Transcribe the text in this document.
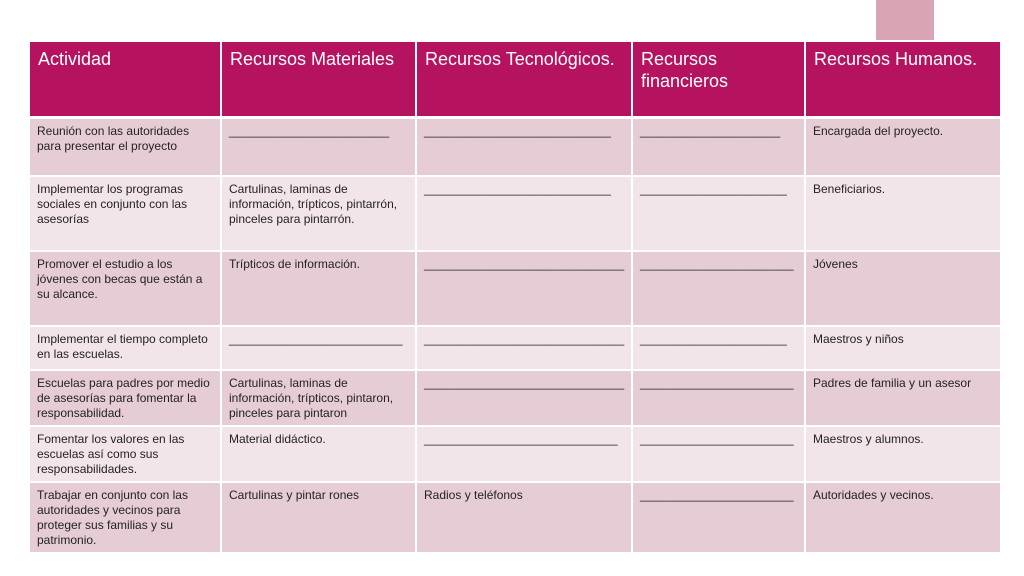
Actividad	Recursos Materiales	Recursos Tecnológicos.	Recursos financieros	Recursos Humanos.
Reunión con las autoridades para presentar el proyecto	________________________	____________________________	_____________________	Encargada del proyecto.
Implementar los programas sociales en conjunto con las asesorías	Cartulinas, laminas de información, trípticos, pintarrón, pinceles para pintarrón.	____________________________	______________________	Beneficiarios.
Promover el estudio a los jóvenes con becas que están a su alcance.	Trípticos de información.	______________________________	_______________________	Jóvenes
Implementar el tiempo completo en las escuelas.	__________________________	______________________________	______________________	Maestros y niños
Escuelas para padres por medio de asesorías para fomentar la responsabilidad.	Cartulinas, laminas de información, trípticos, pintaron, pinceles para pintaron	______________________________	_______________________	Padres de familia y un asesor
Fomentar los valores en las escuelas así como sus responsabilidades.	Material didáctico.	_____________________________	_______________________	Maestros y alumnos.
Trabajar en conjunto con las autoridades y vecinos para proteger sus familias y su patrimonio.	Cartulinas y pintar rones	Radios y teléfonos	_______________________	Autoridades y vecinos.
